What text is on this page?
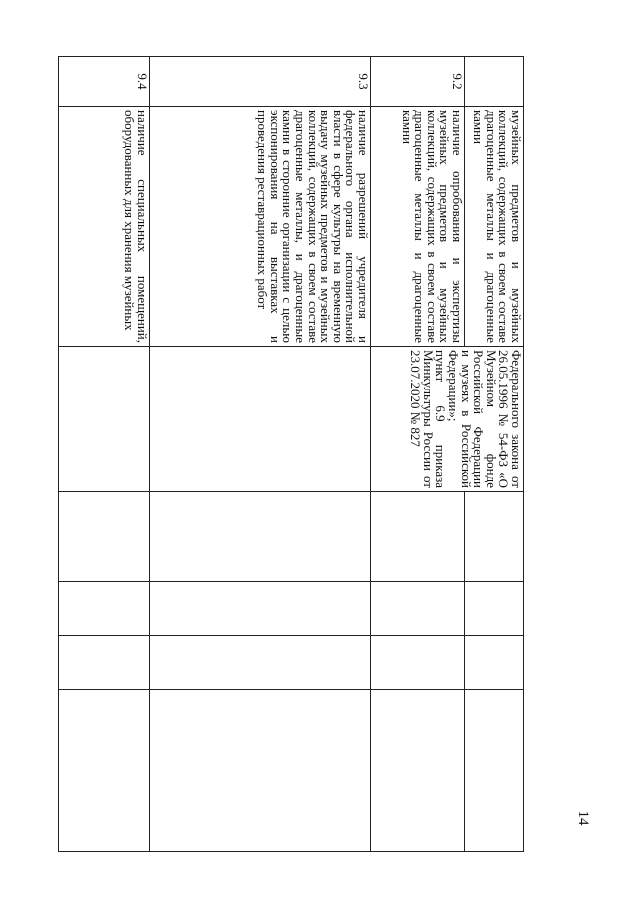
14
	музейных предметов и музейных коллекций, содержащих в своем составе драгоценные металлы и драгоценные камни	Федерального закона от 26.05.1996 № 54-ФЗ «О Музейном фонде Российской Федерации и музеях в Российской Федерации»;
пункт 6.9 приказа Минкультуры России от 23.07.2020 № 827				

9.2	наличие опробования и экспертизы музейных предметов и музейных коллекций, содержащих в своем составе драгоценные металлы и драгоценные камни					
9.3	наличие разрешений учредителя и федерального органа исполнительной власти в сфере культуры на временную выдачу музейных предметов и музейных коллекций, содержащих в своем составе драгоценные металлы, и драгоценные камни в сторонние организации с целью экспонирования на выставках и проведения реставрационных работ					
9.4	наличие специальных помещений, оборудованных для хранения музейных					
